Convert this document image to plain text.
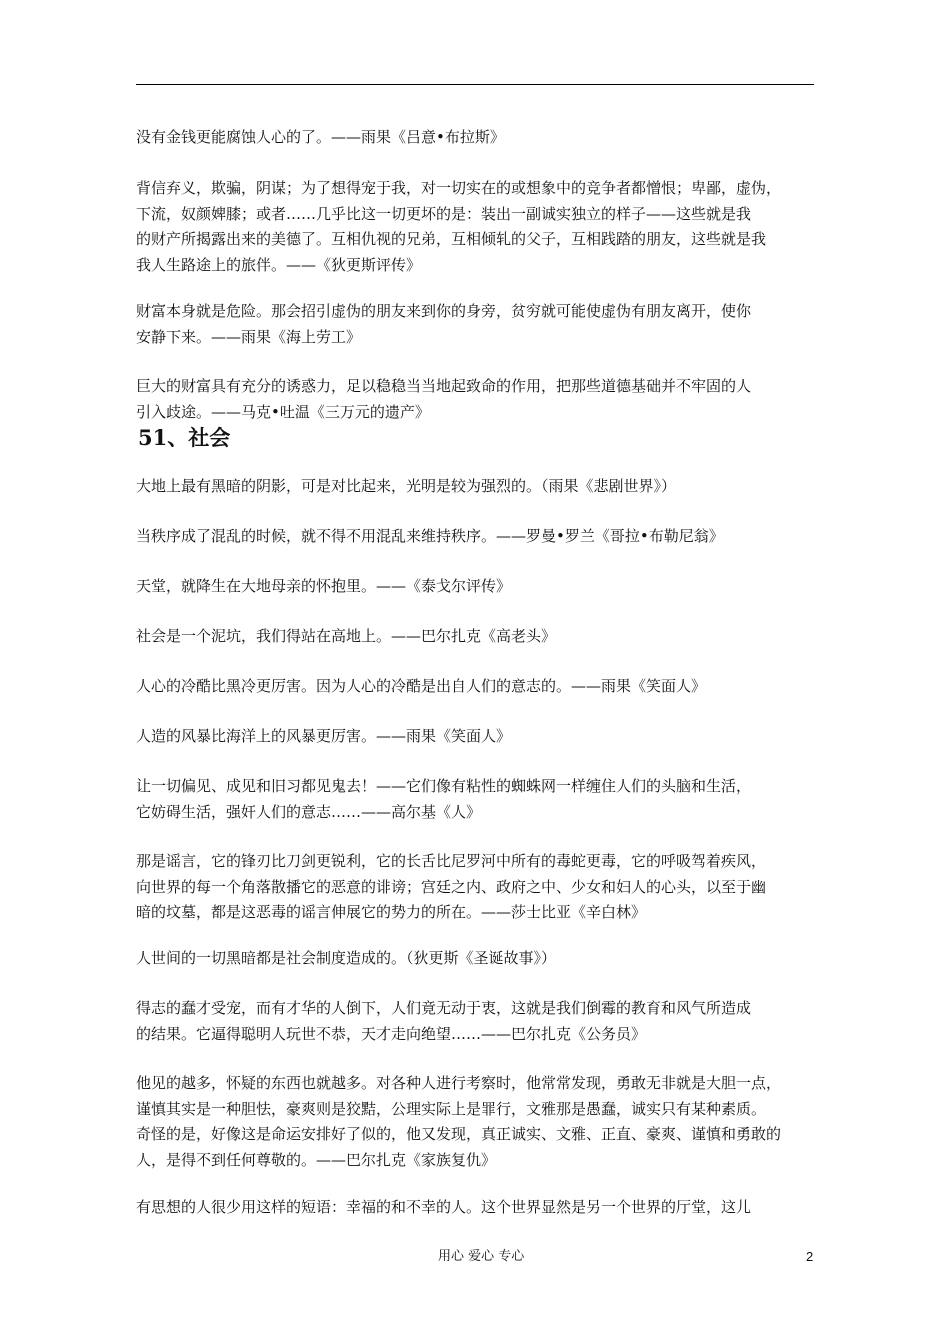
没有金钱更能腐蚀人心的了。——雨果《吕意•布拉斯》

背信弃义，欺骗，阴谋；为了想得宠于我，对一切实在的或想象中的竞争者都憎恨；卑鄙，虚伪，
下流，奴颜婢膝；或者……几乎比这一切更坏的是：装出一副诚实独立的样子——这些就是我
的财产所揭露出来的美德了。互相仇视的兄弟，互相倾轧的父子，互相践踏的朋友，这些就是我
我人生路途上的旅伴。——《狄更斯评传》

财富本身就是危险。那会招引虚伪的朋友来到你的身旁，贫穷就可能使虚伪有朋友离开，使你
安静下来。——雨果《海上劳工》

巨大的财富具有充分的诱惑力，足以稳稳当当地起致命的作用，把那些道德基础并不牢固的人
引入歧途。——马克•吐温《三万元的遗产》

51、社会

大地上最有黑暗的阴影，可是对比起来，光明是较为强烈的。（雨果《悲剧世界》）

当秩序成了混乱的时候，就不得不用混乱来维持秩序。——罗曼•罗兰《哥拉•布勒尼翁》

天堂，就降生在大地母亲的怀抱里。——《泰戈尔评传》

社会是一个泥坑，我们得站在高地上。——巴尔扎克《高老头》

人心的冷酷比黑冷更厉害。因为人心的冷酷是出自人们的意志的。——雨果《笑面人》

人造的风暴比海洋上的风暴更厉害。——雨果《笑面人》

让一切偏见、成见和旧习都见鬼去！——它们像有粘性的蜘蛛网一样缠住人们的头脑和生活，
它妨碍生活，强奸人们的意志……——高尔基《人》

那是谣言，它的锋刃比刀剑更锐利，它的长舌比尼罗河中所有的毒蛇更毒，它的呼吸驾着疾风，
向世界的每一个角落散播它的恶意的诽谤；宫廷之内、政府之中、少女和妇人的心头，以至于幽
暗的坟墓，都是这恶毒的谣言伸展它的势力的所在。——莎士比亚《辛白林》

人世间的一切黑暗都是社会制度造成的。（狄更斯《圣诞故事》）

得志的蠢才受宠，而有才华的人倒下，人们竟无动于衷，这就是我们倒霉的教育和风气所造成
的结果。它逼得聪明人玩世不恭，天才走向绝望……——巴尔扎克《公务员》

他见的越多，怀疑的东西也就越多。对各种人进行考察时，他常常发现，勇敢无非就是大胆一点，
谨慎其实是一种胆怯，豪爽则是狡黠，公理实际上是罪行，文雅那是愚蠢，诚实只有某种素质。
奇怪的是，好像这是命运安排好了似的，他又发现，真正诚实、文雅、正直、豪爽、谨慎和勇敢的
人，是得不到任何尊敬的。——巴尔扎克《家族复仇》

有思想的人很少用这样的短语：幸福的和不幸的人。这个世界显然是另一个世界的厅堂，这儿

用心 爱心 专心	2
